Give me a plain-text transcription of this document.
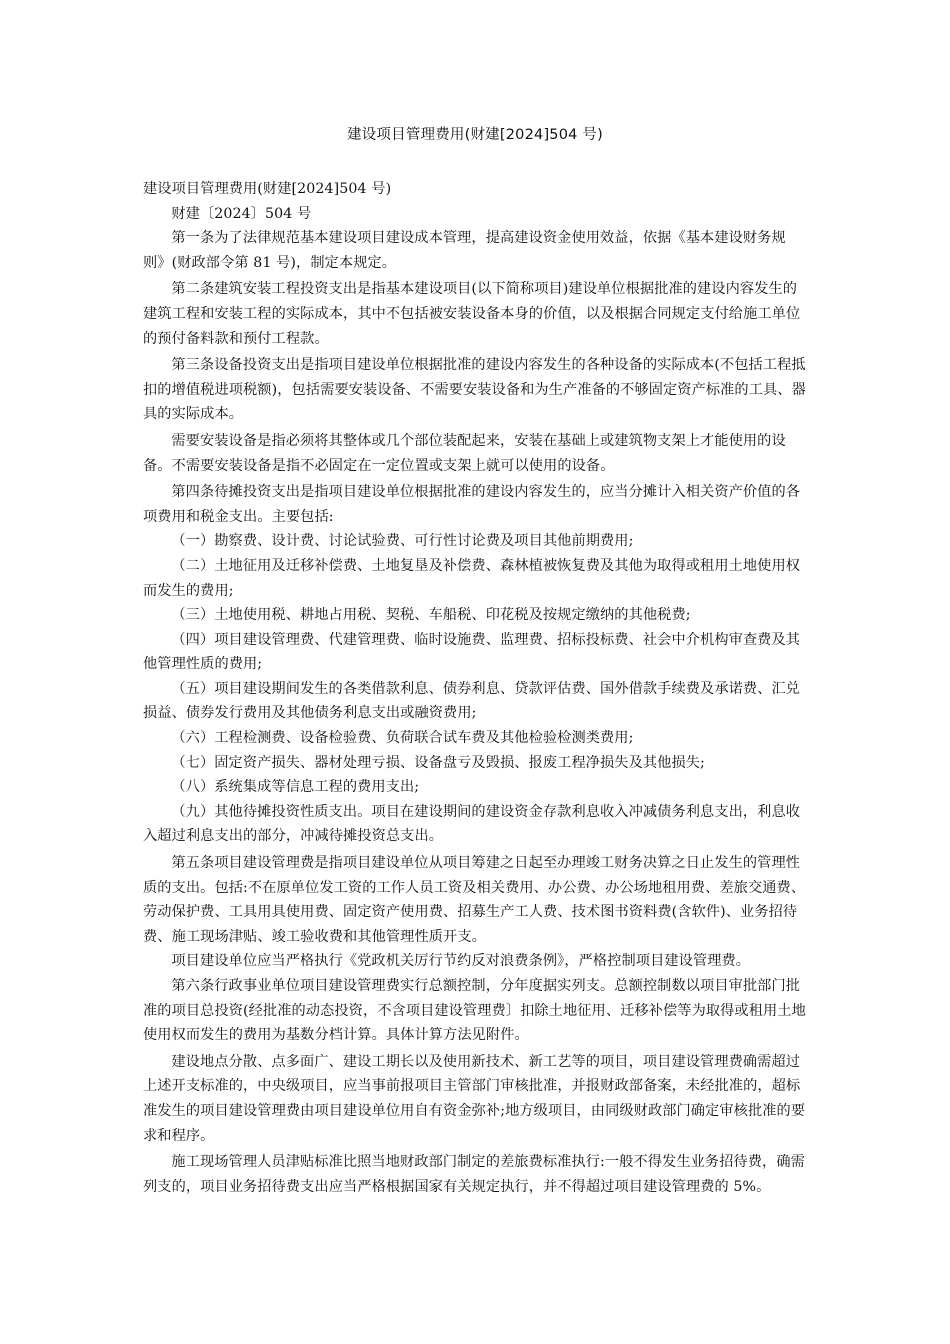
建设项目管理费用(财建[2024]504 号)

建设项目管理费用(财建[2024]504 号)

财建〔2024〕504 号

第一条为了法律规范基本建设项目建设成本管理，提高建设资金使用效益，依据《基本建设财务规则》(财政部令第 81 号)，制定本规定。

第二条建筑安装工程投资支出是指基本建设项目(以下简称项目)建设单位根据批准的建设内容发生的建筑工程和安装工程的实际成本，其中不包括被安装设备本身的价值，以及根据合同规定支付给施工单位的预付备料款和预付工程款。

第三条设备投资支出是指项目建设单位根据批准的建设内容发生的各种设备的实际成本(不包括工程抵扣的增值税进项税额)，包括需要安装设备、不需要安装设备和为生产准备的不够固定资产标准的工具、器具的实际成本。

需要安装设备是指必须将其整体或几个部位装配起来，安装在基础上或建筑物支架上才能使用的设备。不需要安装设备是指不必固定在一定位置或支架上就可以使用的设备。

第四条待摊投资支出是指项目建设单位根据批准的建设内容发生的，应当分摊计入相关资产价值的各项费用和税金支出。主要包括:

（一）勘察费、设计费、讨论试验费、可行性讨论费及项目其他前期费用;

（二）土地征用及迁移补偿费、土地复垦及补偿费、森林植被恢复费及其他为取得或租用土地使用权而发生的费用;

（三）土地使用税、耕地占用税、契税、车船税、印花税及按规定缴纳的其他税费;

（四）项目建设管理费、代建管理费、临时设施费、监理费、招标投标费、社会中介机构审查费及其他管理性质的费用;

（五）项目建设期间发生的各类借款利息、债券利息、贷款评估费、国外借款手续费及承诺费、汇兑损益、债券发行费用及其他债务利息支出或融资费用;

（六）工程检测费、设备检验费、负荷联合试车费及其他检验检测类费用;

（七）固定资产损失、器材处理亏损、设备盘亏及毁损、报废工程净损失及其他损失;

（八）系统集成等信息工程的费用支出;

（九）其他待摊投资性质支出。项目在建设期间的建设资金存款利息收入冲减债务利息支出，利息收入超过利息支出的部分，冲减待摊投资总支出。

第五条项目建设管理费是指项目建设单位从项目筹建之日起至办理竣工财务决算之日止发生的管理性质的支出。包括:不在原单位发工资的工作人员工资及相关费用、办公费、办公场地租用费、差旅交通费、劳动保护费、工具用具使用费、固定资产使用费、招募生产工人费、技术图书资料费(含软件)、业务招待费、施工现场津贴、竣工验收费和其他管理性质开支。

项目建设单位应当严格执行《党政机关厉行节约反对浪费条例》，严格控制项目建设管理费。

第六条行政事业单位项目建设管理费实行总额控制，分年度据实列支。总额控制数以项目审批部门批准的项目总投资(经批准的动态投资，不含项目建设管理费〕扣除土地征用、迁移补偿等为取得或租用土地使用权而发生的费用为基数分档计算。具体计算方法见附件。

建设地点分散、点多面广、建设工期长以及使用新技术、新工艺等的项目，项目建设管理费确需超过上述开支标准的，中央级项目，应当事前报项目主管部门审核批准，并报财政部备案，未经批准的，超标准发生的项目建设管理费由项目建设单位用自有资金弥补;地方级项目，由同级财政部门确定审核批准的要求和程序。

施工现场管理人员津贴标准比照当地财政部门制定的差旅费标准执行:一般不得发生业务招待费，确需列支的，项目业务招待费支出应当严格根据国家有关规定执行，并不得超过项目建设管理费的 5%。
